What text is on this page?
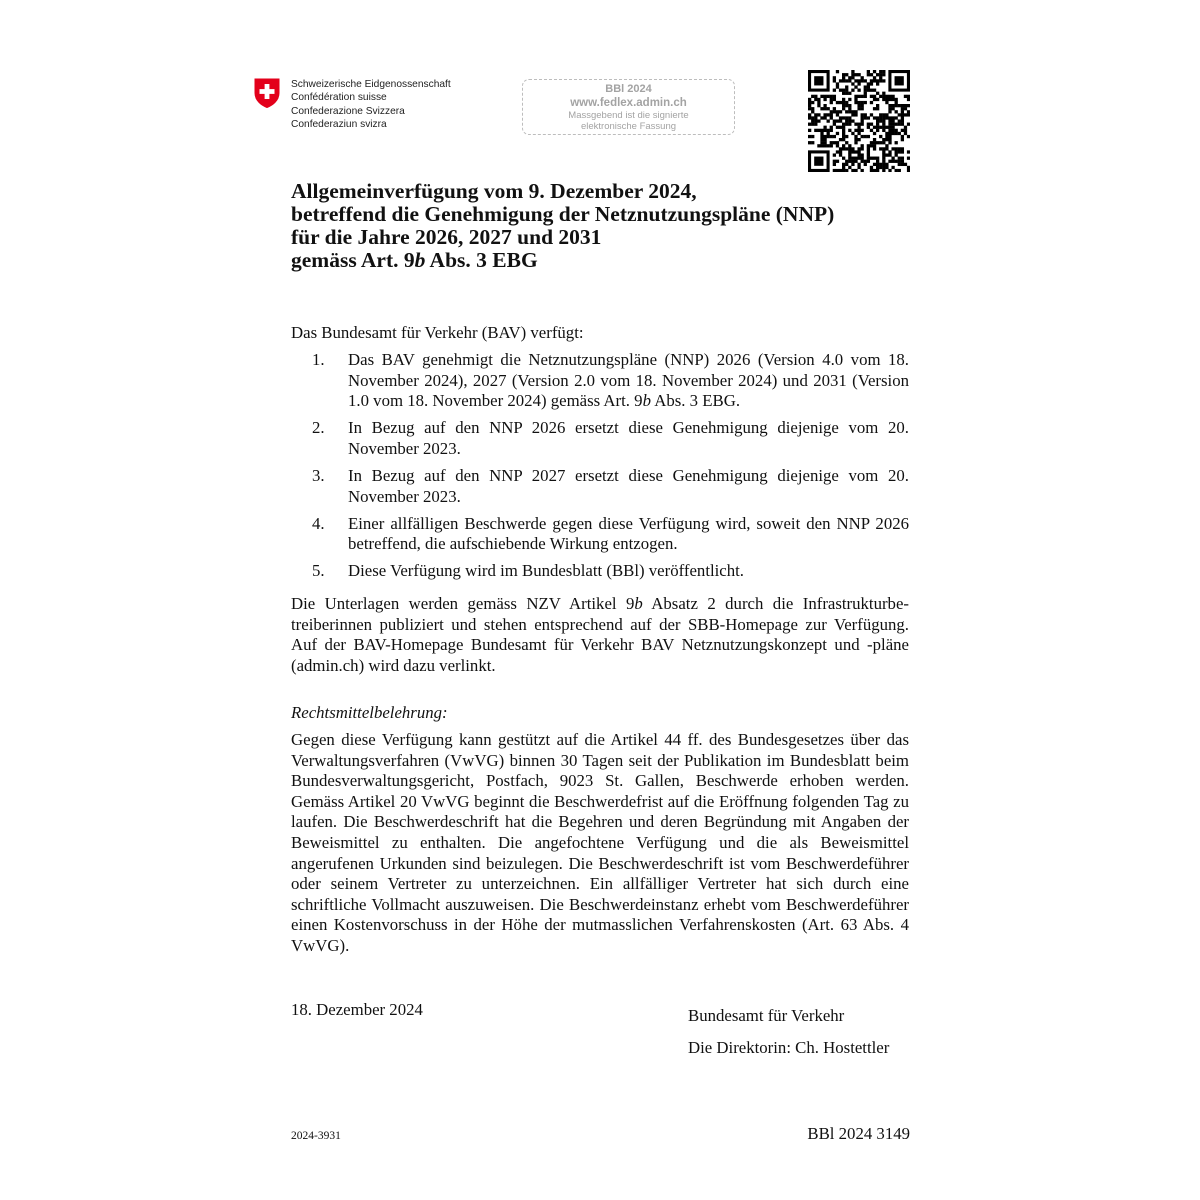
Schweizerische Eidgenossenschaft
Confédération suisse
Confederazione Svizzera
Confederaziun svizra
BBl 2024
www.fedlex.admin.ch
Massgebend ist die signierte
elektronische Fassung
Allgemeinverfügung vom 9. Dezember 2024,
betreffend die Genehmigung der Netznutzungspläne (NNP)
für die Jahre 2026, 2027 und 2031
gemäss Art. 9b Abs. 3 EBG
Das Bundesamt für Verkehr (BAV) verfügt:
1. Das BAV genehmigt die Netznutzungspläne (NNP) 2026 (Version 4.0 vom 18. November 2024), 2027 (Version 2.0 vom 18. November 2024) und 2031 (Version 1.0 vom 18. November 2024) gemäss Art. 9b Abs. 3 EBG.
2. In Bezug auf den NNP 2026 ersetzt diese Genehmigung diejenige vom 20. November 2023.
3. In Bezug auf den NNP 2027 ersetzt diese Genehmigung diejenige vom 20. November 2023.
4. Einer allfälligen Beschwerde gegen diese Verfügung wird, soweit den NNP 2026 betreffend, die aufschiebende Wirkung entzogen.
5. Diese Verfügung wird im Bundesblatt (BBl) veröffentlicht.
Die Unterlagen werden gemäss NZV Artikel 9b Absatz 2 durch die Infrastrukturbetreiberinnen publiziert und stehen entsprechend auf der SBB-Homepage zur Verfügung. Auf der BAV-Homepage Bundesamt für Verkehr BAV Netznutzungskonzept und -pläne (admin.ch) wird dazu verlinkt.
Rechtsmittelbelehrung:
Gegen diese Verfügung kann gestützt auf die Artikel 44 ff. des Bundesgesetzes über das Verwaltungsverfahren (VwVG) binnen 30 Tagen seit der Publikation im Bundesblatt beim Bundesverwaltungsgericht, Postfach, 9023 St. Gallen, Beschwerde erhoben werden. Gemäss Artikel 20 VwVG beginnt die Beschwerdefrist auf die Eröffnung folgenden Tag zu laufen. Die Beschwerdeschrift hat die Begehren und deren Begründung mit Angaben der Beweismittel zu enthalten. Die angefochtene Verfügung und die als Beweismittel angerufenen Urkunden sind beizulegen. Die Beschwerdeschrift ist vom Beschwerdeführer oder seinem Vertreter zu unterzeichnen. Ein allfälliger Vertreter hat sich durch eine schriftliche Vollmacht auszuweisen. Die Beschwerdeinstanz erhebt vom Beschwerdeführer einen Kostenvorschuss in der Höhe der mutmasslichen Verfahrenskosten (Art. 63 Abs. 4 VwVG).
18. Dezember 2024	Bundesamt für Verkehr
Die Direktorin: Ch. Hostettler
2024-3931	BBl 2024 3149
